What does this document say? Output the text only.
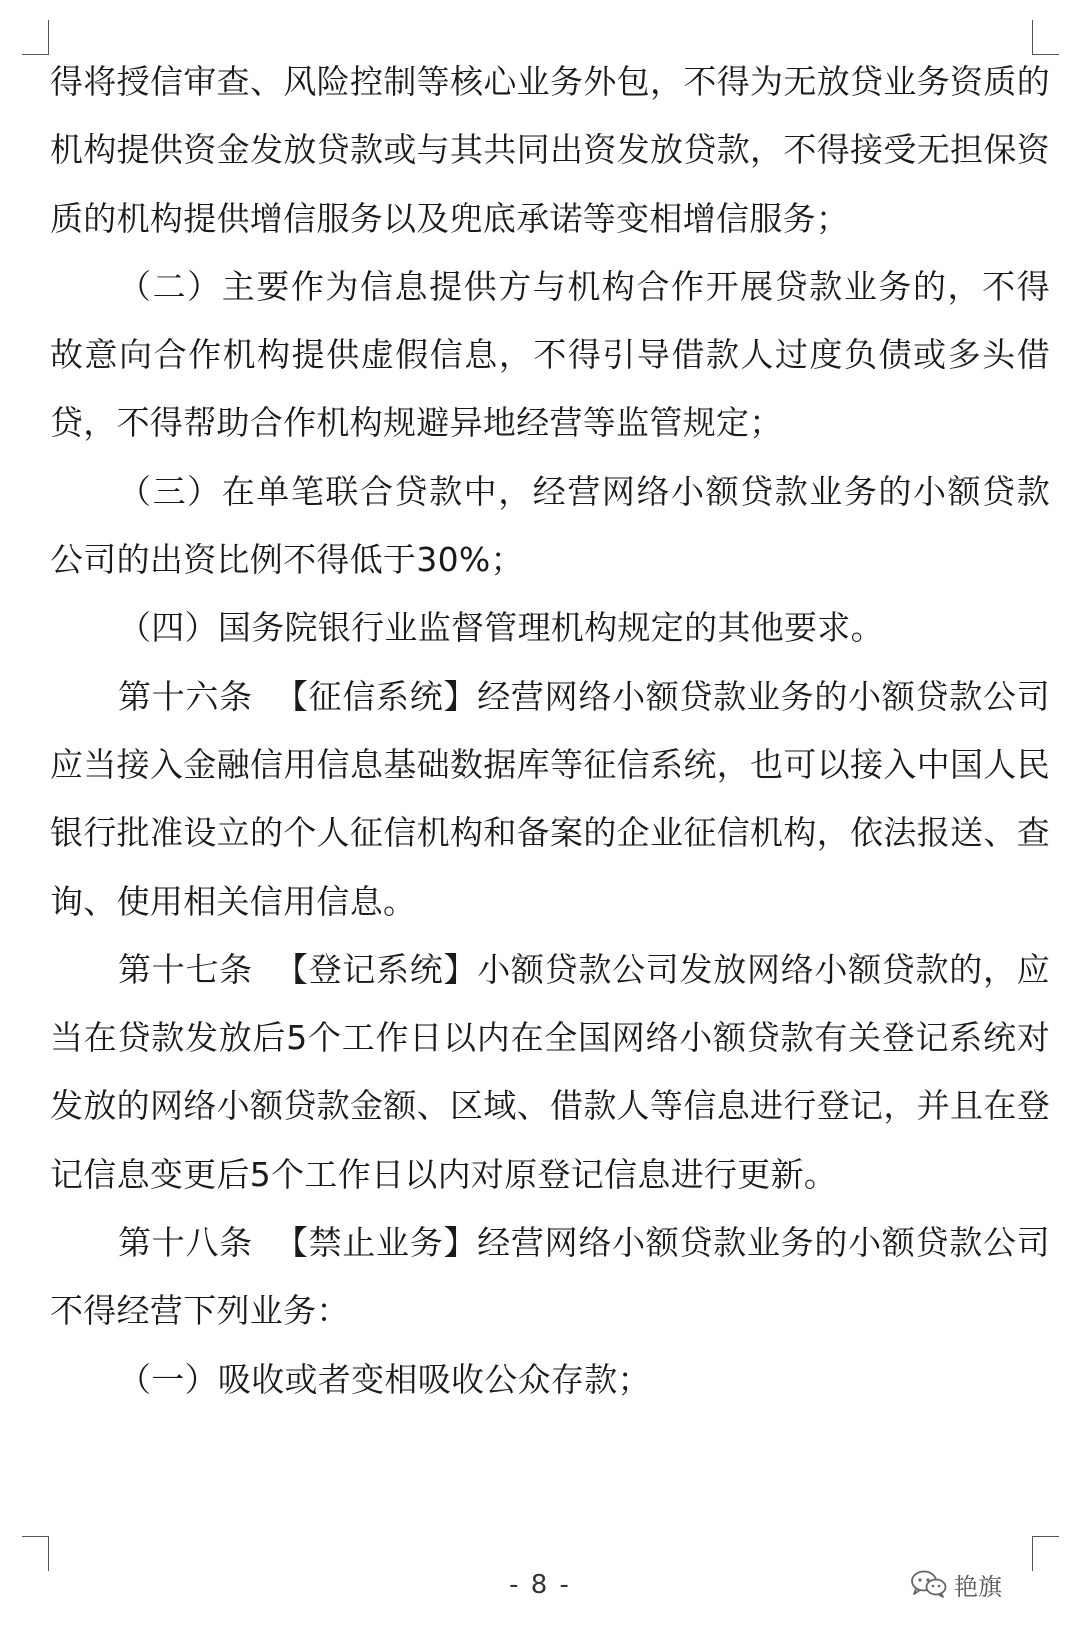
得将授信审查、风险控制等核心业务外包，不得为无放贷业务资质的机构提供资金发放贷款或与其共同出资发放贷款，不得接受无担保资质的机构提供增信服务以及兜底承诺等变相增信服务；

（二）主要作为信息提供方与机构合作开展贷款业务的，不得故意向合作机构提供虚假信息，不得引导借款人过度负债或多头借贷，不得帮助合作机构规避异地经营等监管规定；

（三）在单笔联合贷款中，经营网络小额贷款业务的小额贷款公司的出资比例不得低于30%；

（四）国务院银行业监督管理机构规定的其他要求。

第十六条 【征信系统】经营网络小额贷款业务的小额贷款公司应当接入金融信用信息基础数据库等征信系统，也可以接入中国人民银行批准设立的个人征信机构和备案的企业征信机构，依法报送、查询、使用相关信用信息。

第十七条 【登记系统】小额贷款公司发放网络小额贷款的，应当在贷款发放后5个工作日以内在全国网络小额贷款有关登记系统对发放的网络小额贷款金额、区域、借款人等信息进行登记，并且在登记信息变更后5个工作日以内对原登记信息进行更新。

第十八条 【禁止业务】经营网络小额贷款业务的小额贷款公司不得经营下列业务：

（一）吸收或者变相吸收公众存款；

- 8 -	艳旗
